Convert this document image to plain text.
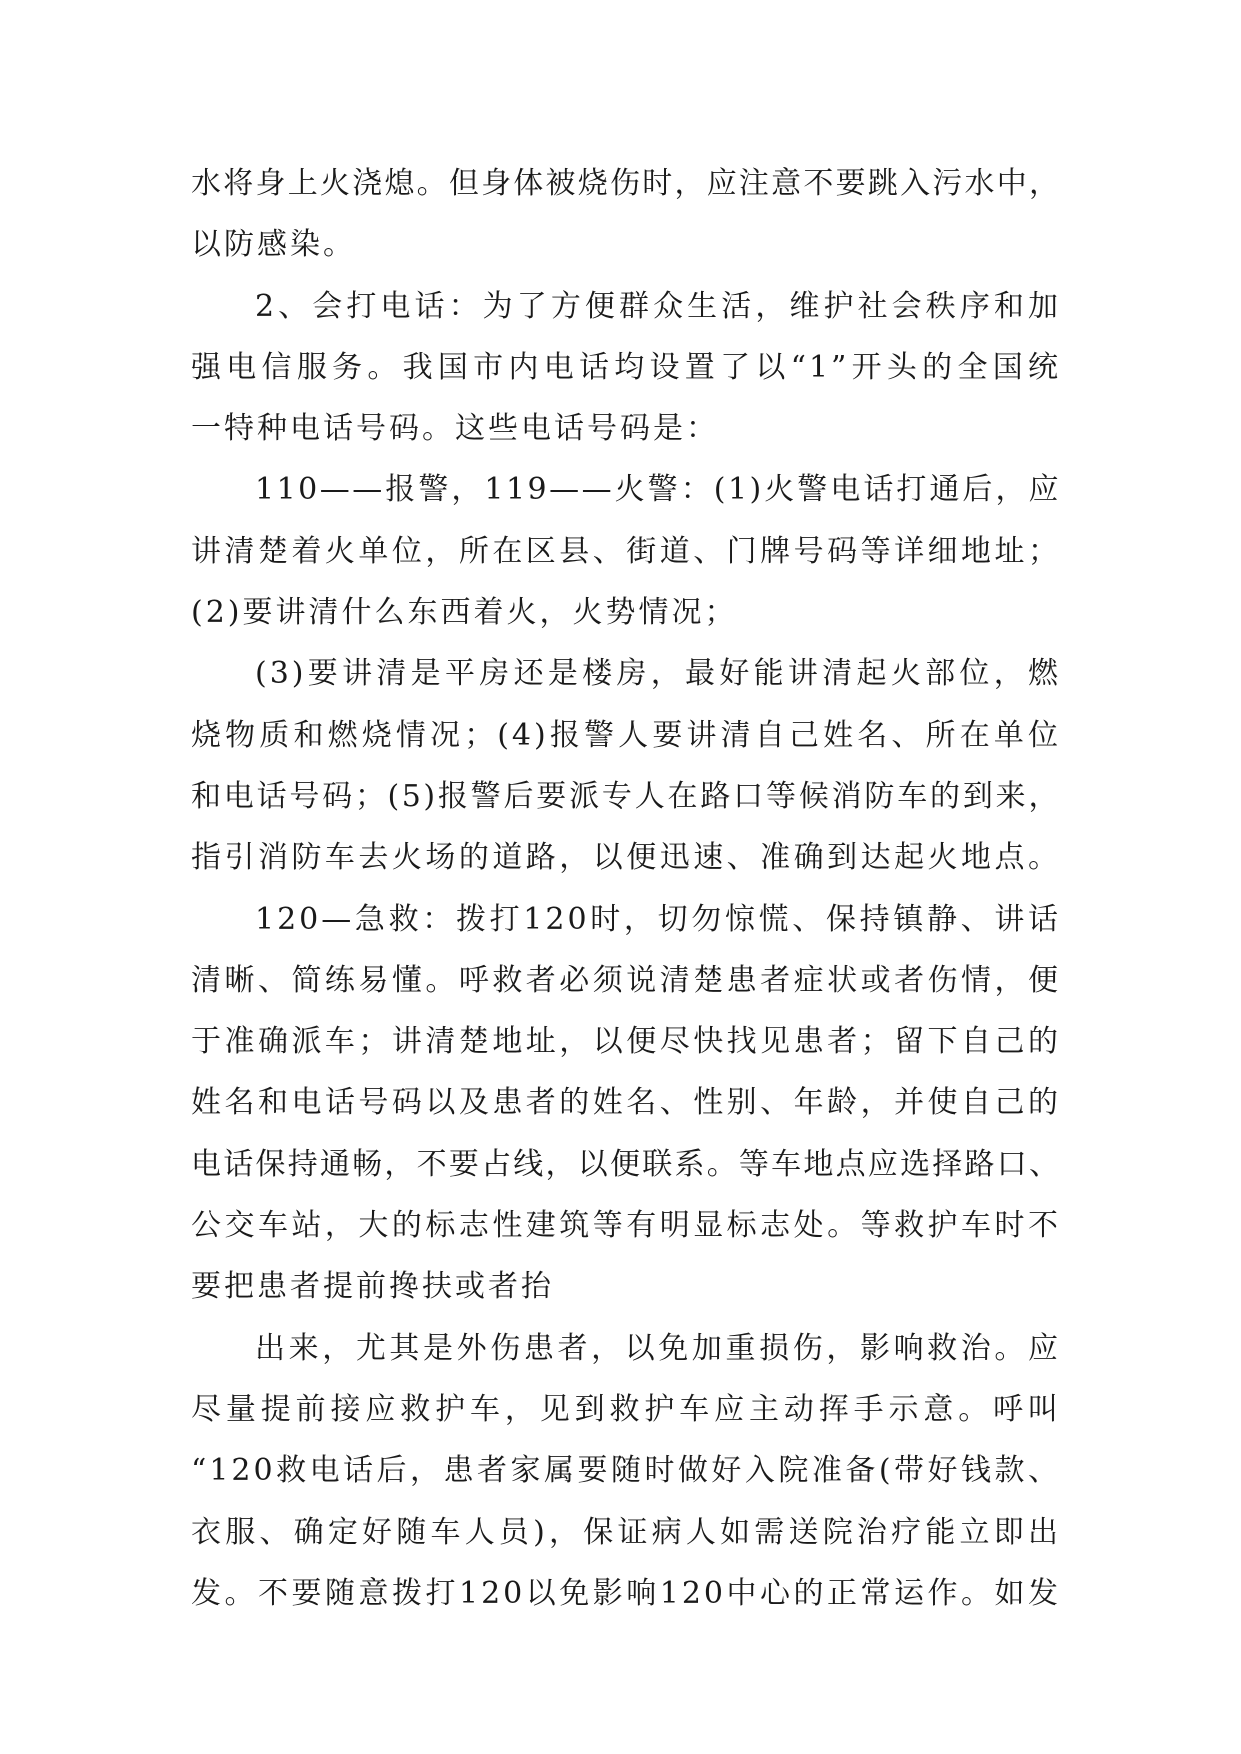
水将身上火浇熄。但身体被烧伤时，应注意不要跳入污水中，
以防感染。
2、会打电话：为了方便群众生活，维护社会秩序和加
强电信服务。我国市内电话均设置了以“1”开头的全国统
一特种电话号码。这些电话号码是：
110——报警，119——火警：(1)火警电话打通后，应
讲清楚着火单位，所在区县、街道、门牌号码等详细地址；
(2)要讲清什么东西着火，火势情况；
(3)要讲清是平房还是楼房，最好能讲清起火部位，燃
烧物质和燃烧情况；(4)报警人要讲清自己姓名、所在单位
和电话号码；(5)报警后要派专人在路口等候消防车的到来，
指引消防车去火场的道路，以便迅速、准确到达起火地点。
120—急救：拨打120时，切勿惊慌、保持镇静、讲话
清晰、简练易懂。呼救者必须说清楚患者症状或者伤情，便
于准确派车；讲清楚地址，以便尽快找见患者；留下自己的
姓名和电话号码以及患者的姓名、性别、年龄，并使自己的
电话保持通畅，不要占线，以便联系。等车地点应选择路口、
公交车站，大的标志性建筑等有明显标志处。等救护车时不
要把患者提前搀扶或者抬
出来，尤其是外伤患者，以免加重损伤，影响救治。应
尽量提前接应救护车，见到救护车应主动挥手示意。呼叫
“120救电话后，患者家属要随时做好入院准备(带好钱款、
衣服、确定好随车人员)，保证病人如需送院治疗能立即出
发。不要随意拨打120以免影响120中心的正常运作。如发
